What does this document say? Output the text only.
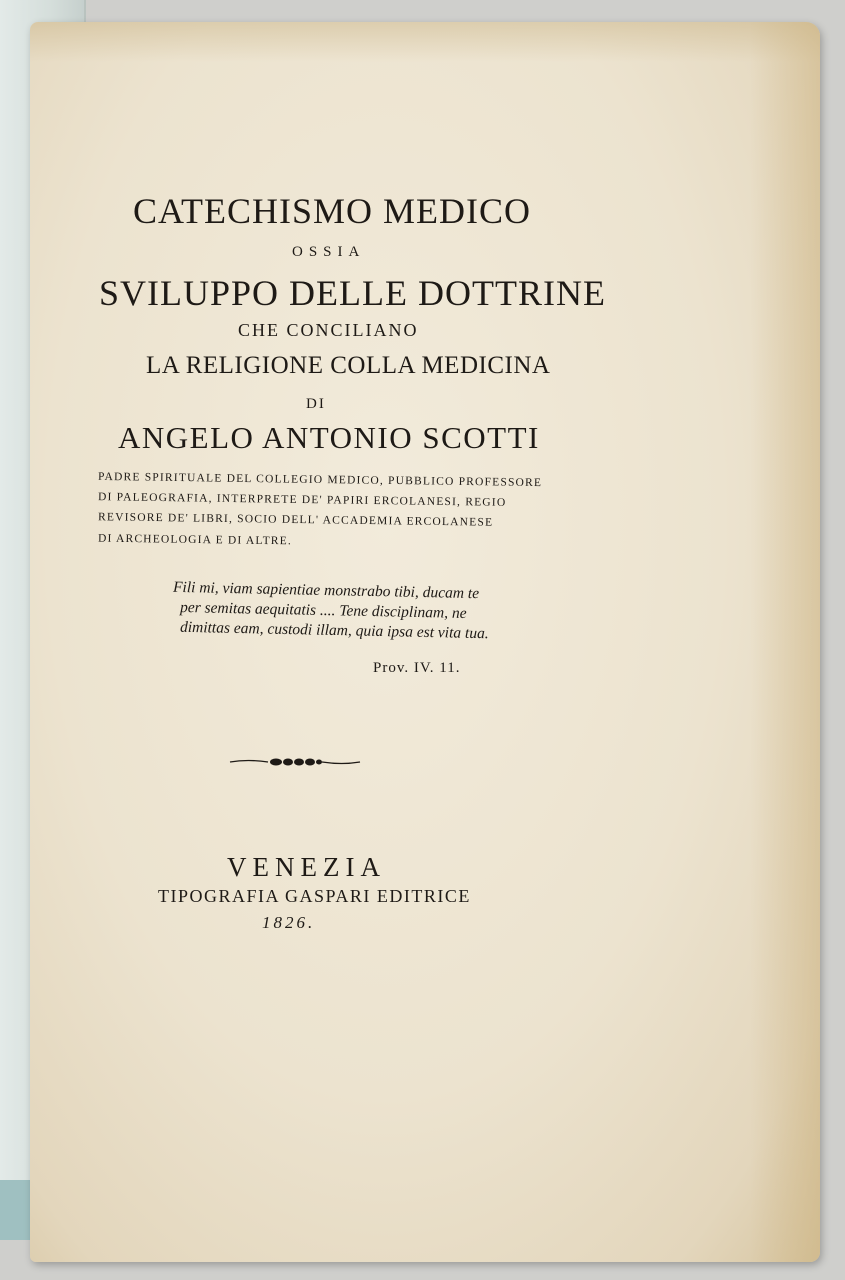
CATECHISMO MEDICO
OSSIA
SVILUPPO DELLE DOTTRINE
CHE CONCILIANO
LA RELIGIONE COLLA MEDICINA
DI
ANGELO ANTONIO SCOTTI
PADRE SPIRITUALE DEL COLLEGIO MEDICO, PUBBLICO PROFESSORE
DI PALEOGRAFIA, INTERPRETE DE' PAPIRI ERCOLANESI, REGIO
REVISORE DE' LIBRI, SOCIO DELL' ACCADEMIA ERCOLANESE
DI ARCHEOLOGIA E DI ALTRE.
Fili mi, viam sapientiae monstrabo tibi, ducam te
per semitas aequitatis .... Tene disciplinam, ne
dimittas eam, custodi illam, quia ipsa est vita tua.
Prov. IV. 11.
VENEZIA
TIPOGRAFIA GASPARI EDITRICE
1826.
